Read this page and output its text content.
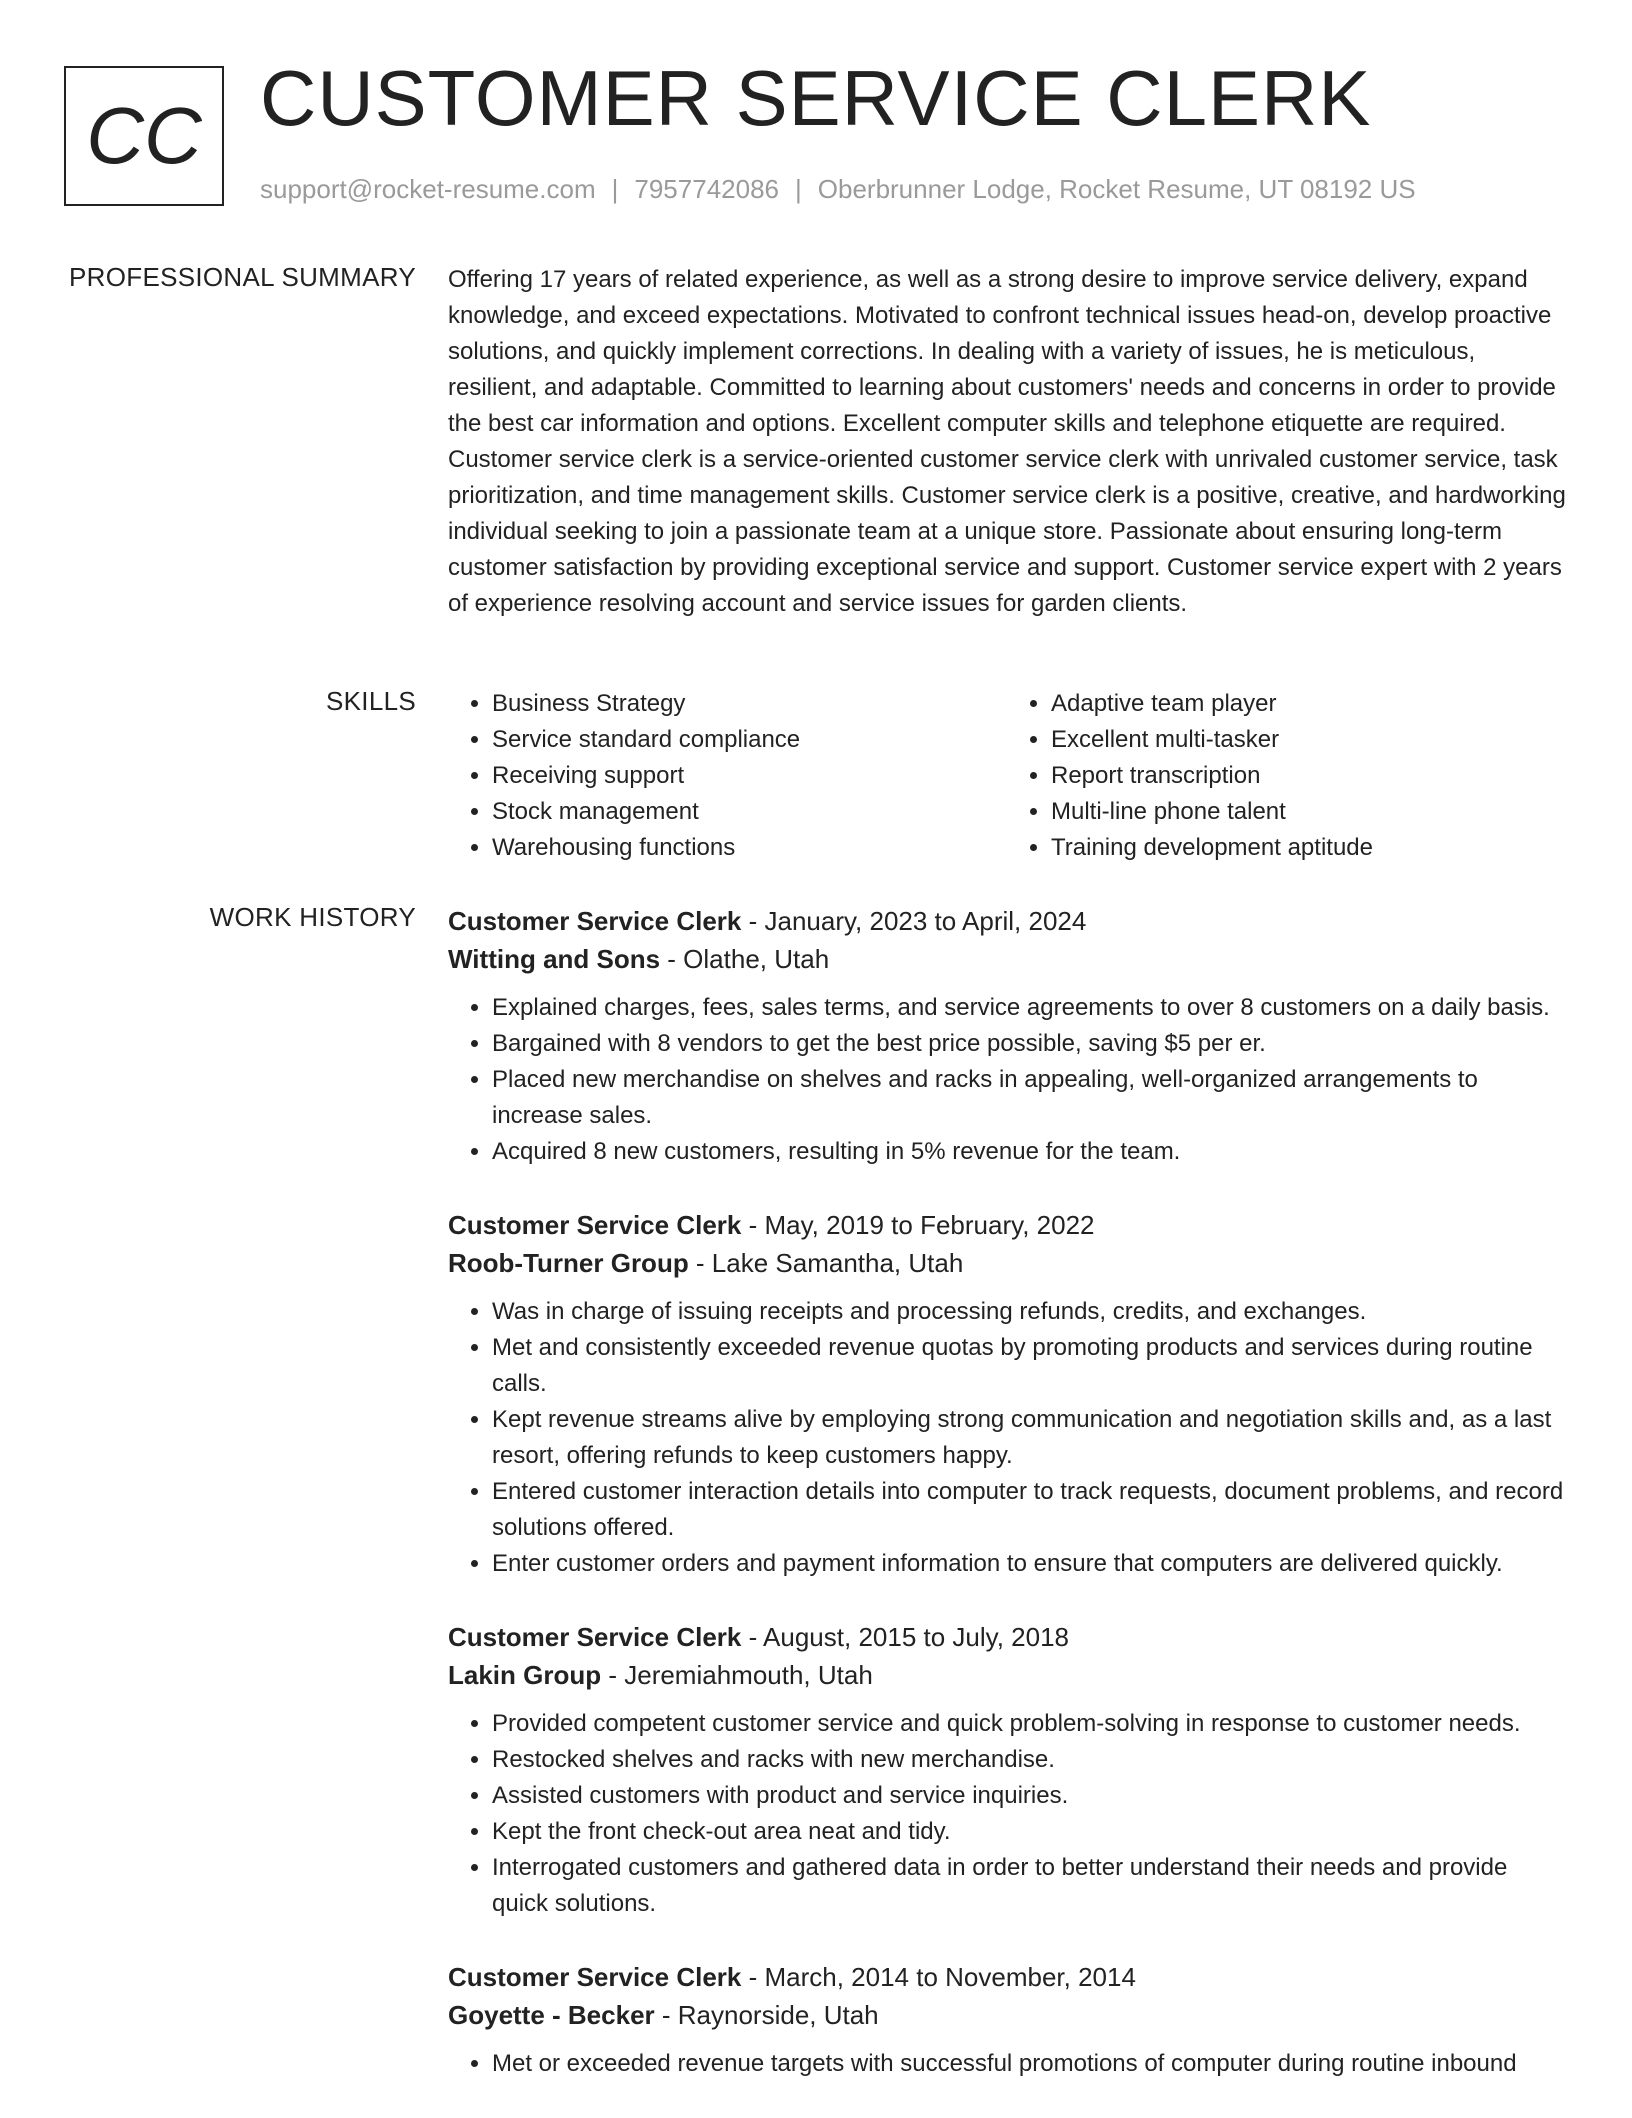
CC CUSTOMER SERVICE CLERK
support@rocket-resume.com | 7957742086 | Oberbrunner Lodge, Rocket Resume, UT 08192 US
PROFESSIONAL SUMMARY Offering 17 years of related experience, as well as a strong desire to improve service delivery, expand knowledge, and exceed expectations. Motivated to confront technical issues head-on, develop proactive solutions, and quickly implement corrections. In dealing with a variety of issues, he is meticulous, resilient, and adaptable. Committed to learning about customers' needs and concerns in order to provide the best car information and options. Excellent computer skills and telephone etiquette are required. Customer service clerk is a service-oriented customer service clerk with unrivaled customer service, task prioritization, and time management skills. Customer service clerk is a positive, creative, and hardworking individual seeking to join a passionate team at a unique store. Passionate about ensuring long-term customer satisfaction by providing exceptional service and support. Customer service expert with 2 years of experience resolving account and service issues for garden clients.

SKILLS
•	Business Strategy
• Service standard compliance
• Receiving support
• Stock management
• Warehousing functions
• Adaptive team player
• Excellent multi-tasker
• Report transcription
• Multi-line phone talent
• Training development aptitude
WORK HISTORY Customer Service Clerk - January, 2023 to April, 2024
Witting and Sons - Olathe, Utah
• Explained charges, fees, sales terms, and service agreements to over 8 customers on a daily basis.
• Bargained with 8 vendors to get the best price possible, saving $5 per er.
• Placed new merchandise on shelves and racks in appealing, well-organized arrangements to increase sales.
• Acquired 8 new customers, resulting in 5% revenue for the team.
Customer Service Clerk - May, 2019 to February, 2022
Roob-Turner Group - Lake Samantha, Utah
• Was in charge of issuing receipts and processing refunds, credits, and exchanges.
• Met and consistently exceeded revenue quotas by promoting products and services during routine calls.
• Kept revenue streams alive by employing strong communication and negotiation skills and, as a last resort, offering refunds to keep customers happy.
• Entered customer interaction details into computer to track requests, document problems, and record solutions offered.
• Enter customer orders and payment information to ensure that computers are delivered quickly.
Customer Service Clerk - August, 2015 to July, 2018
Lakin Group - Jeremiahmouth, Utah
• Provided competent customer service and quick problem-solving in response to customer needs.
• Restocked shelves and racks with new merchandise.
• Assisted customers with product and service inquiries.
• Kept the front check-out area neat and tidy.
• Interrogated customers and gathered data in order to better understand their needs and provide quick solutions.
Customer Service Clerk - March, 2014 to November, 2014
Goyette - Becker - Raynorside, Utah
• Met or exceeded revenue targets with successful promotions of computer during routine inbound
